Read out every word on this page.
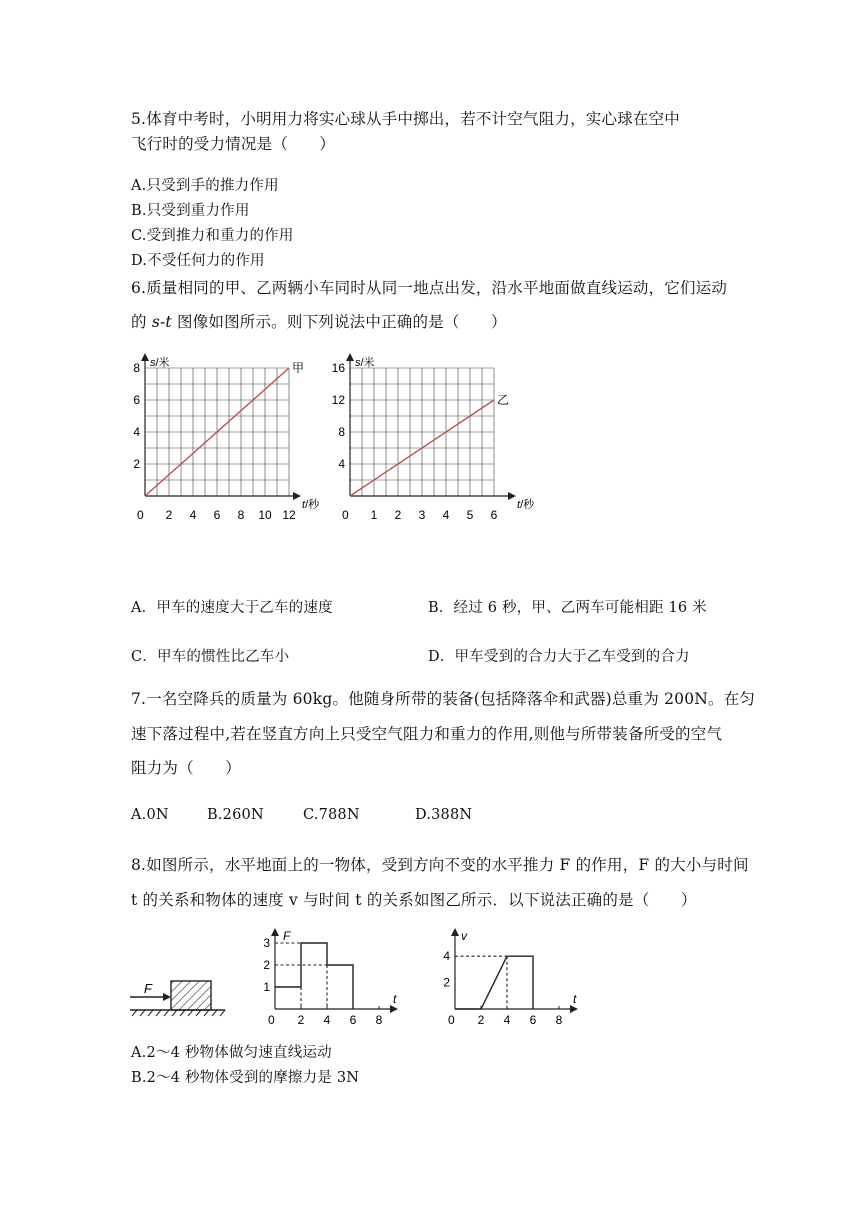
5.体育中考时，小明用力将实心球从手中掷出，若不计空气阻力，实心球在空中
飞行时的受力情况是（　　）
A.只受到手的推力作用
B.只受到重力作用
C.受到推力和重力的作用
D.不受任何力的作用
6.质量相同的甲、乙两辆小车同时从同一地点出发，沿水平地面做直线运动，它们运动
的 s-t 图像如图所示。则下列说法中正确的是（　　）
s/米
t/秒
0 2 4 6 8 10 12
2
4
6
8	甲	s/米
t/秒
0 1 2 3 4 5 6
4
8
12
16
乙
A．甲车的速度大于乙车的速度	B．经过 6 秒，甲、乙两车可能相距 16 米
C．甲车的惯性比乙车小	D．甲车受到的合力大于乙车受到的合力
7.一名空降兵的质量为 60kg。他随身所带的装备(包括降落伞和武器)总重为 200N。在匀
速下落过程中,若在竖直方向上只受空气阻力和重力的作用,则他与所带装备所受的空气
阻力为（　　）
A.0N	B.260N	C.788N	D.388N
8.如图所示，水平地面上的一物体，受到方向不变的水平推力 F 的作用，F 的大小与时间
t 的关系和物体的速度 v 与时间 t 的关系如图乙所示．以下说法正确的是（　　）
F
F
t
0 2 4 6 8
1
2
3	v
t
0 2 4 6 8
2
4
A.2～4 秒物体做匀速直线运动
B.2～4 秒物体受到的摩擦力是 3N
